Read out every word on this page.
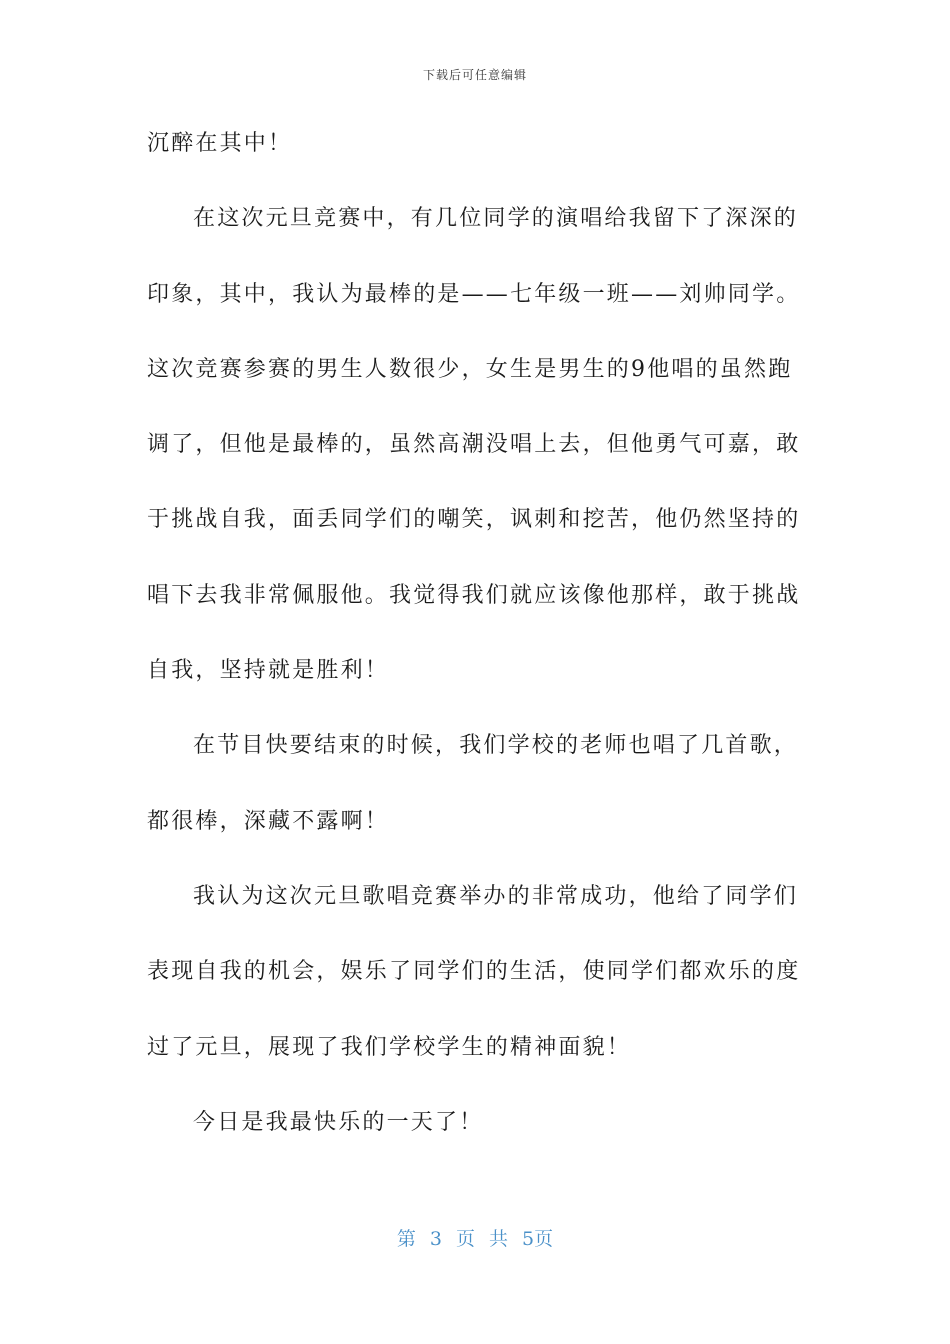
下载后可任意编辑
沉醉在其中！
在这次元旦竞赛中，有几位同学的演唱给我留下了深深的
印象，其中，我认为最棒的是——七年级一班——刘帅同学。
这次竞赛参赛的男生人数很少，女生是男生的9他唱的虽然跑
调了，但他是最棒的，虽然高潮没唱上去，但他勇气可嘉，敢
于挑战自我，面丢同学们的嘲笑，讽刺和挖苦，他仍然坚持的
唱下去我非常佩服他。我觉得我们就应该像他那样，敢于挑战
自我，坚持就是胜利！
在节目快要结束的时候，我们学校的老师也唱了几首歌，
都很棒，深藏不露啊！
我认为这次元旦歌唱竞赛举办的非常成功，他给了同学们
表现自我的机会，娱乐了同学们的生活，使同学们都欢乐的度
过了元旦，展现了我们学校学生的精神面貌！
今日是我最快乐的一天了！
第 3 页 共 5页
